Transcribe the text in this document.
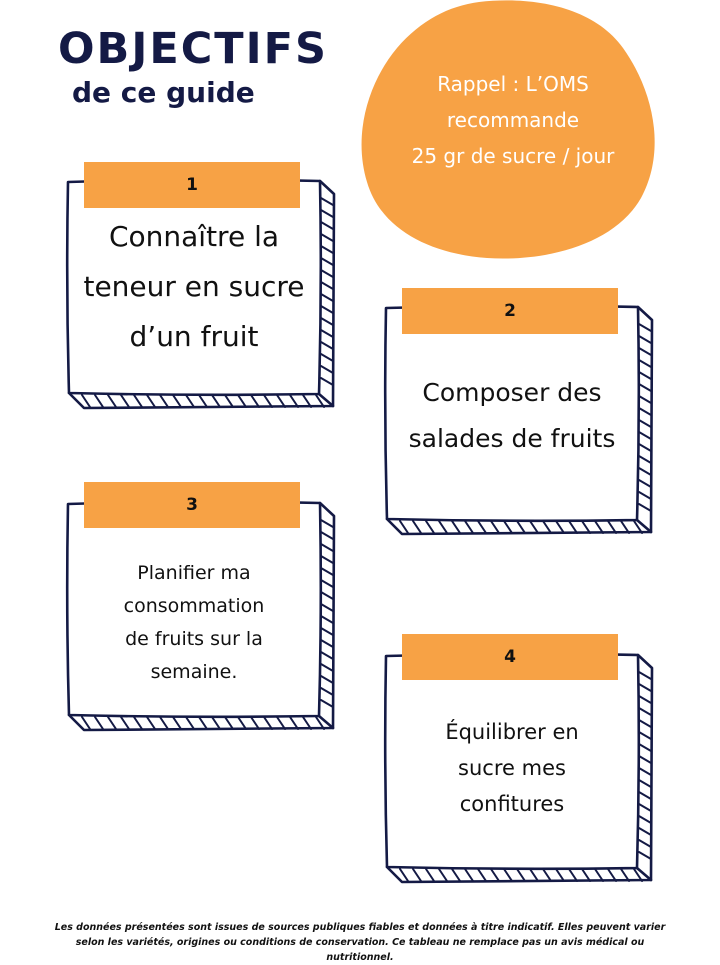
OBJECTIFS
de ce guide	Rappel : L’OMS
recommande
25 gr de sucre / jour
1
Connaître la
teneur en sucre
d’un fruit
2
Composer des
salades de fruits
3
Planifier ma
consommation
de fruits sur la
semaine.
4
Équilibrer en
sucre mes
confitures
Les données présentées sont issues de sources publiques fiables et données à titre indicatif. Elles peuvent varier selon les variétés, origines ou conditions de conservation. Ce tableau ne remplace pas un avis médical ou nutritionnel.
